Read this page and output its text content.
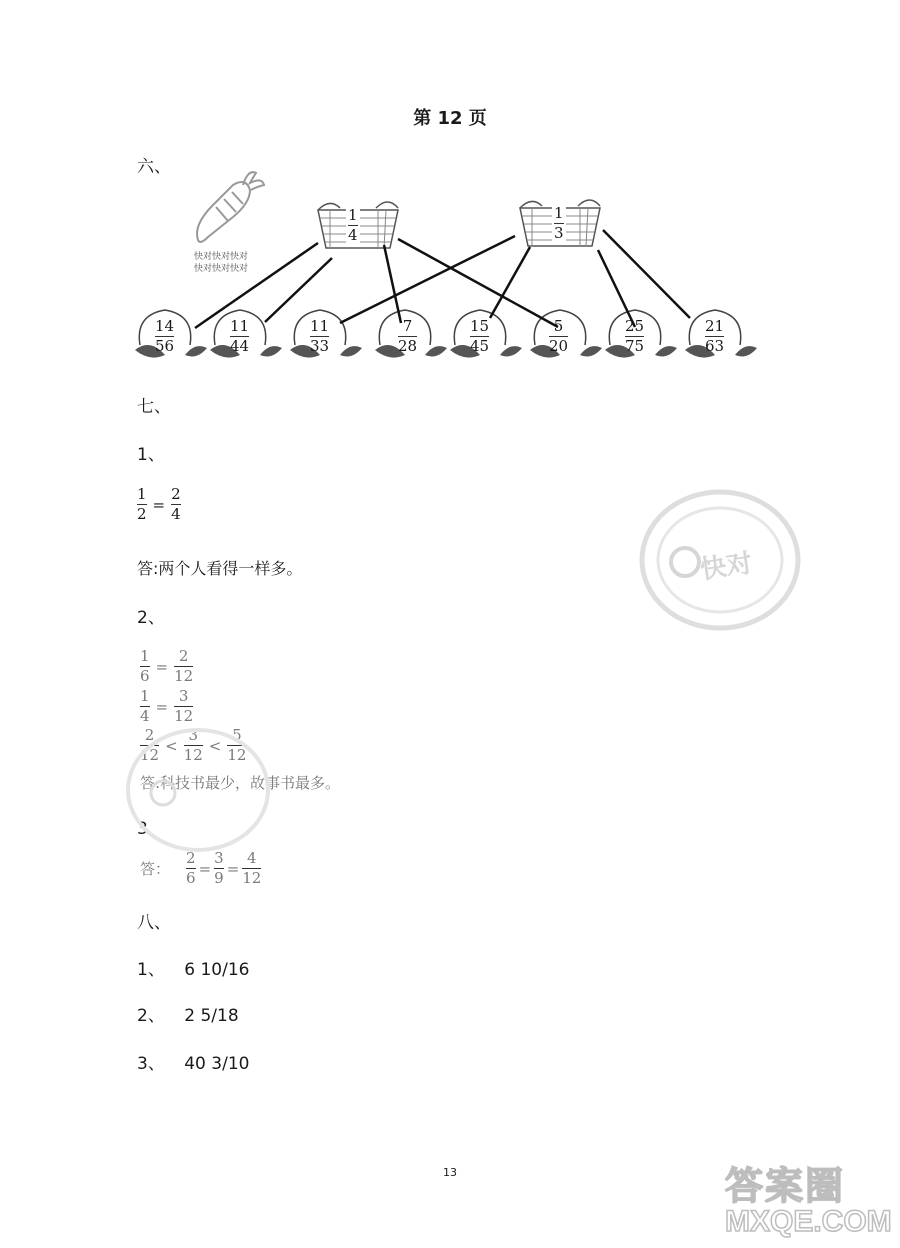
第 12 页
六、
快对快对快对
快对快对快对
1
4
1
3
14
56
11
44
11
33
7
28
15
45
5
20
25
75
21
63
七、
1、
$\frac{1}{2} = \frac{2}{4}$
答:两个人看得一样多。
2、
$\frac{1}{6} = \frac{2}{12}$
$\frac{1}{4} = \frac{3}{12}$
$\frac{2}{12} < \frac{3}{12} < \frac{5}{12}$
答:科技书最少，故事书最多。
3、
答： $\frac{2}{6} = \frac{3}{9} = \frac{4}{12}$
八、
1、 6 10/16
2、 2 5/18
3、 40 3/10
快对
13	答案圈
MXQE.COM
